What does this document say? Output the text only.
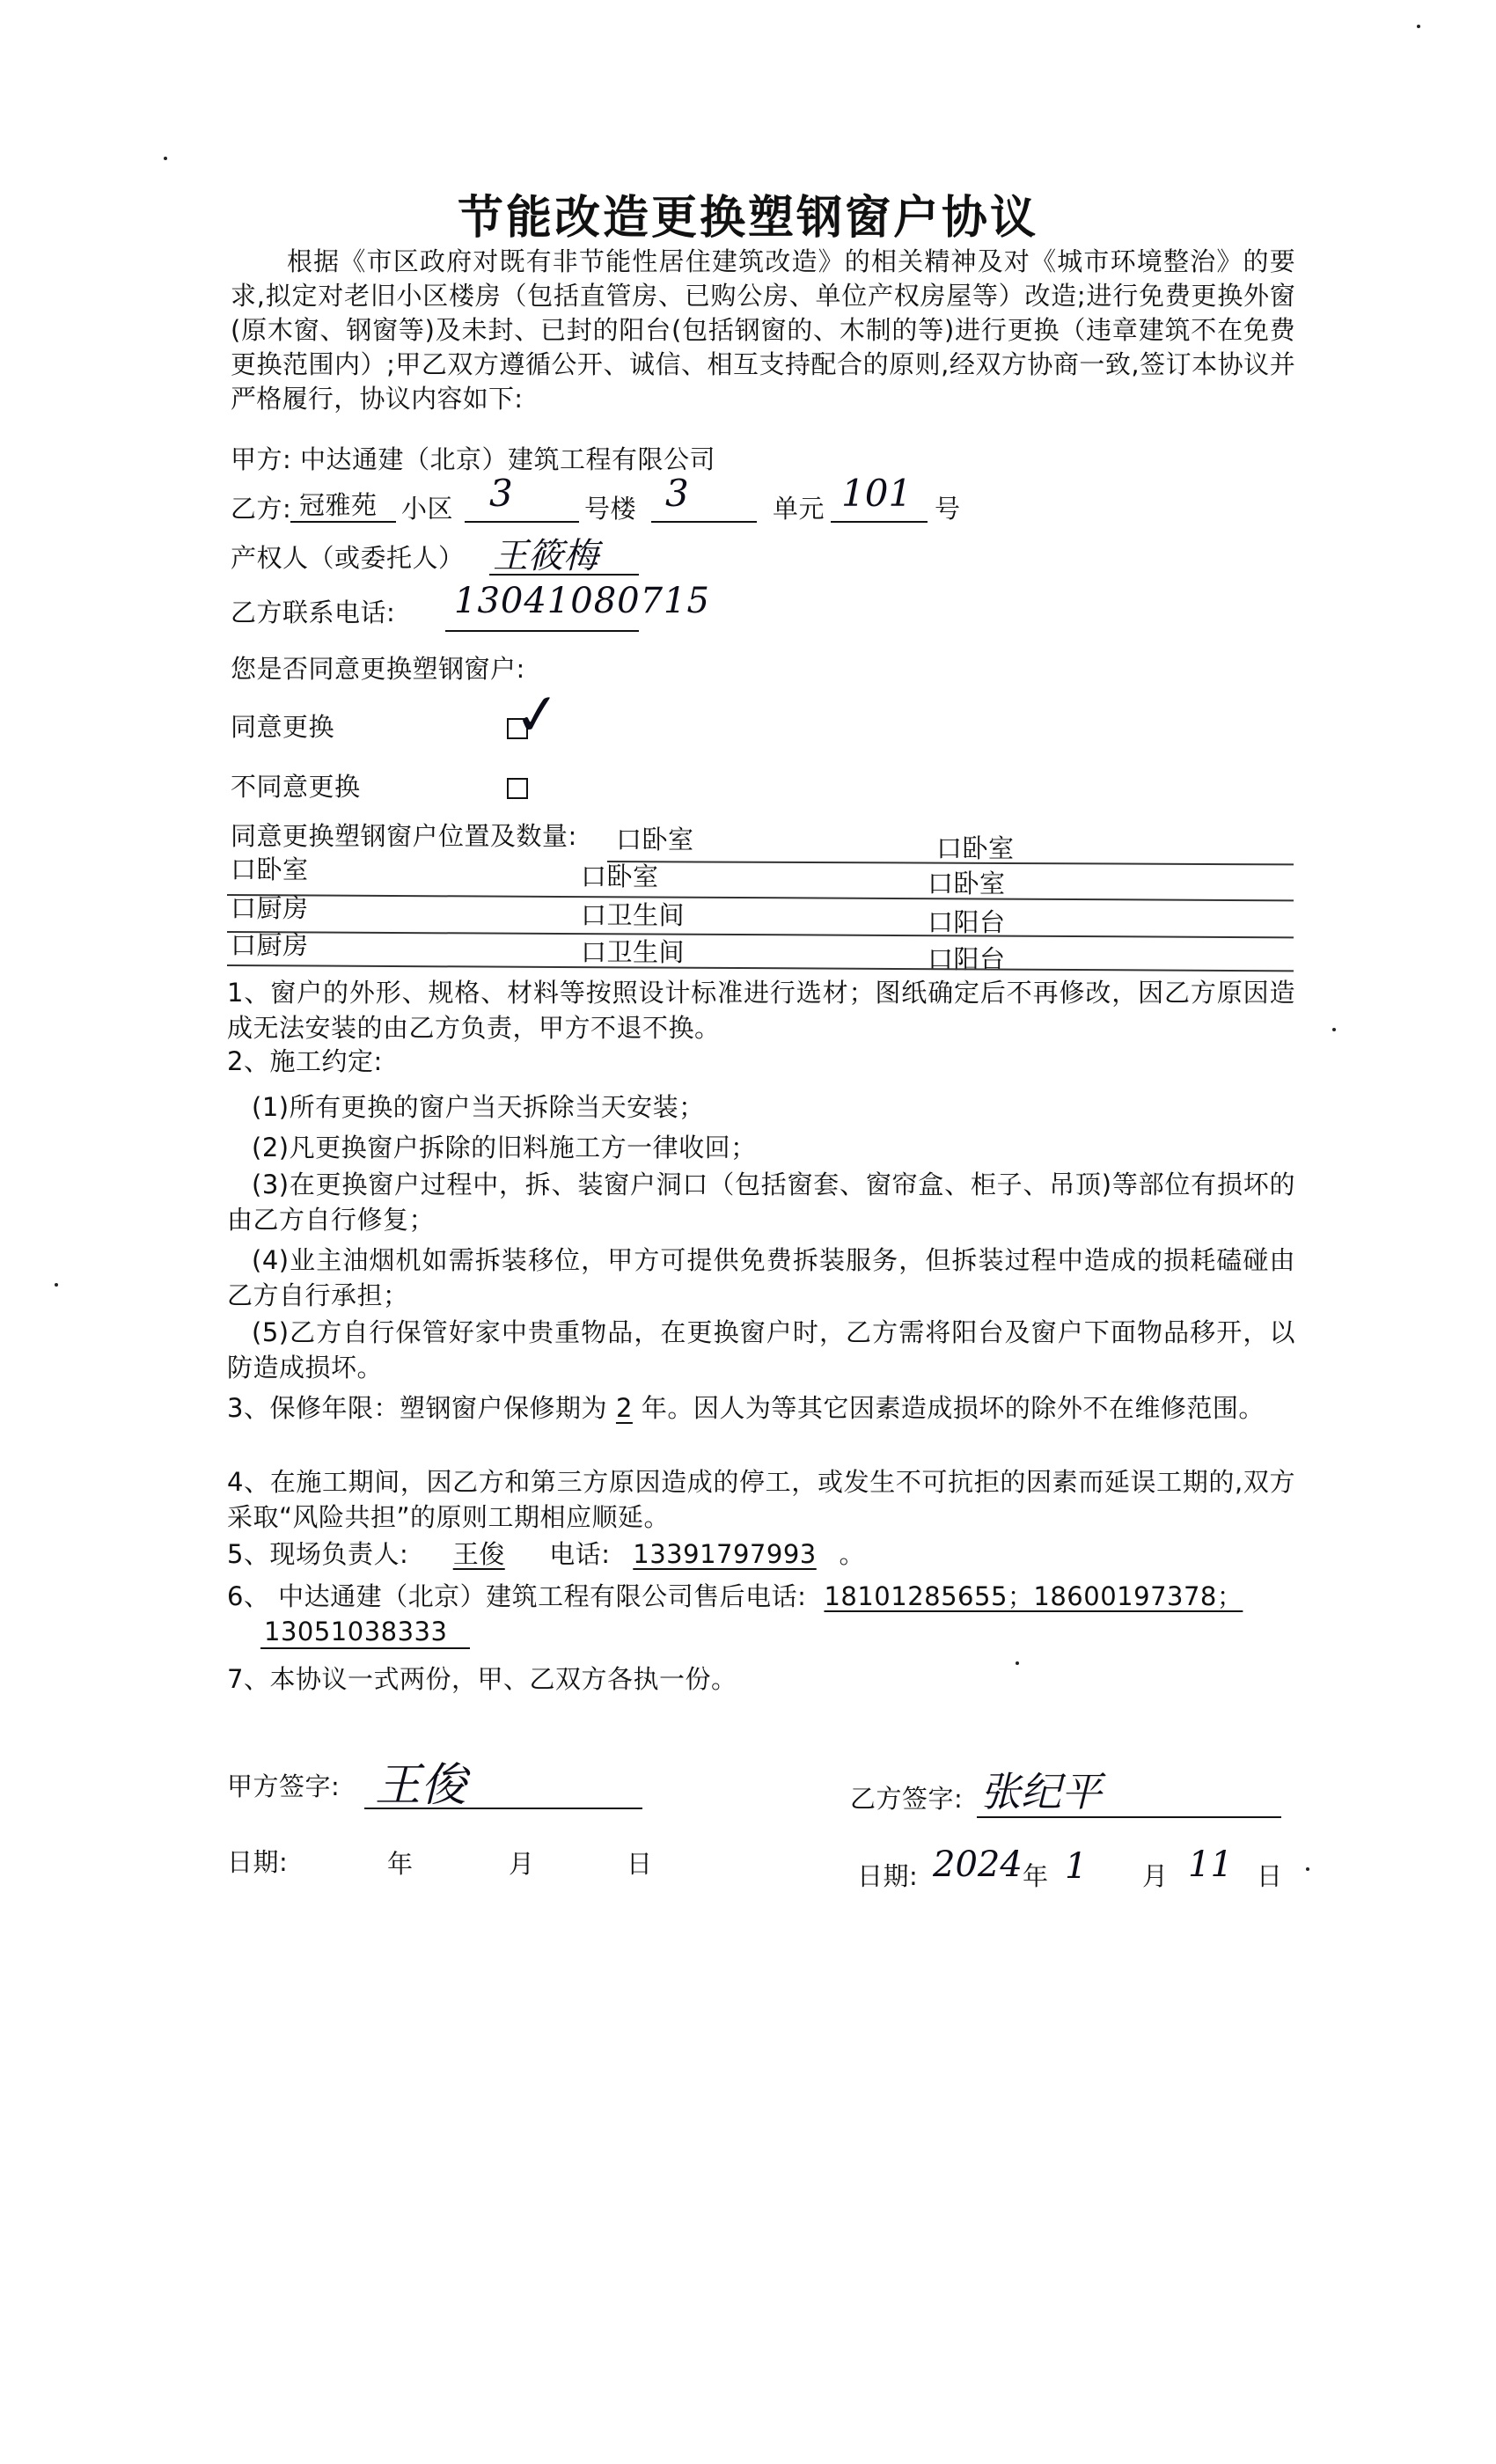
节能改造更换塑钢窗户协议
根据《市区政府对既有非节能性居住建筑改造》的相关精神及对《城市环境整治》的要求,拟定对老旧小区楼房（包括直管房、已购公房、单位产权房屋等）改造;进行免费更换外窗(原木窗、钢窗等)及未封、已封的阳台(包括钢窗的、木制的等)进行更换（违章建筑不在免费更换范围内）;甲乙双方遵循公开、诚信、相互支持配合的原则,经双方协商一致,签订本协议并严格履行，协议内容如下:
甲方: 中达通建（北京）建筑工程有限公司
乙方: 冠雅苑 小区 3	号楼 3	单元 101 号
产权人（或委托人） 王筱梅
乙方联系电话: 13041080715
您是否同意更换塑钢窗户:
同意更换	✓
不同意更换
同意更换塑钢窗户位置及数量: 口卧室	口卧室
口卧室	口卧室	口卧室
口厨房	口卫生间	口阳台
口厨房	口卫生间	口阳台
1、窗户的外形、规格、材料等按照设计标准进行选材；图纸确定后不再修改，因乙方原因造成无法安装的由乙方负责，甲方不退不换。
2、施工约定:
(1)所有更换的窗户当天拆除当天安装；
(2)凡更换窗户拆除的旧料施工方一律收回；
(3)在更换窗户过程中，拆、装窗户洞口（包括窗套、窗帘盒、柜子、吊顶)等部位有损坏的由乙方自行修复；
(4)业主油烟机如需拆装移位，甲方可提供免费拆装服务，但拆装过程中造成的损耗磕碰由乙方自行承担；
(5)乙方自行保管好家中贵重物品，在更换窗户时，乙方需将阳台及窗户下面物品移开，以防造成损坏。
3、保修年限：塑钢窗户保修期为 2 年。因人为等其它因素造成损坏的除外不在维修范围。
4、在施工期间，因乙方和第三方原因造成的停工，或发生不可抗拒的因素而延误工期的,双方采取“风险共担”的原则工期相应顺延。
5、现场负责人: 王俊 电话: 13391797993 。
6、 中达通建（北京）建筑工程有限公司售后电话: 18101285655；18600197378；
13051038333
7、本协议一式两份，甲、乙双方各执一份。
甲方签字: 王俊	乙方签字: 张纪平
日期:	年	月	日	日期: 2024 年 1 月 11 日
